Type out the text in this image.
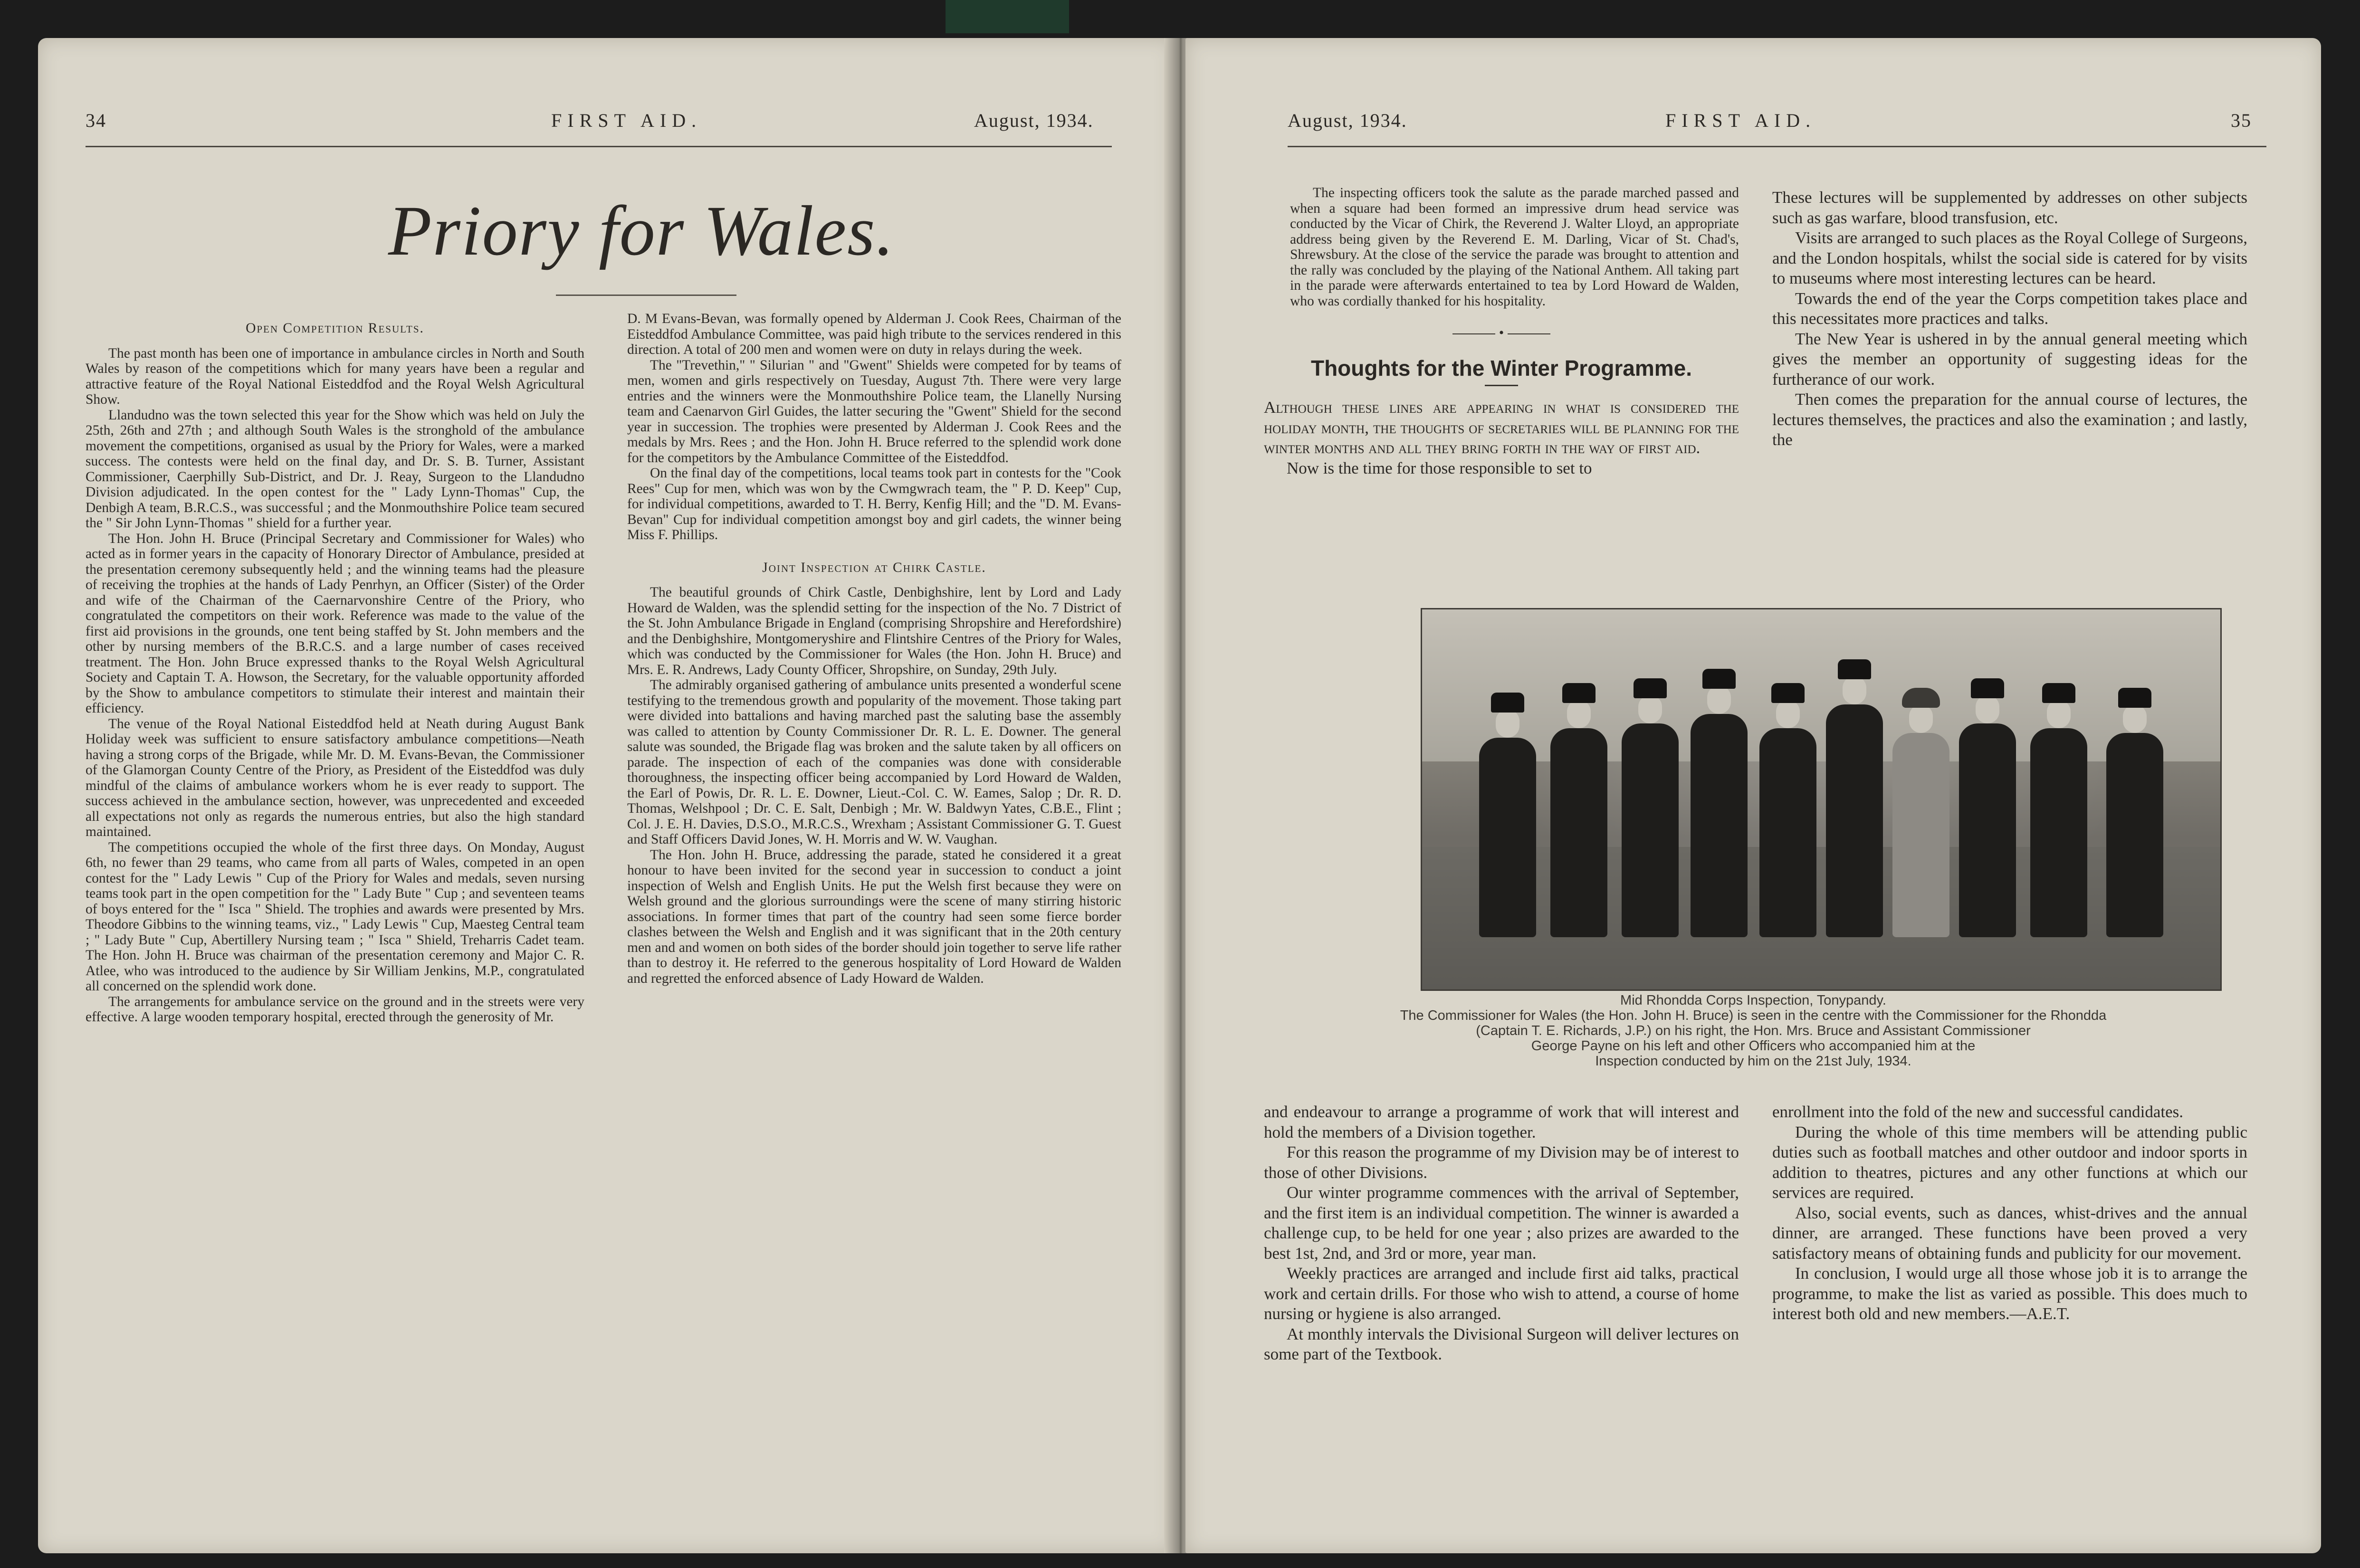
34	FIRST AID.	August, 1934.
Priory for Wales.

Open Competition Results.

The past month has been one of importance in ambulance circles in North and South Wales by reason of the competitions which for many years have been a regular and attractive feature of the Royal National Eisteddfod and the Royal Welsh Agricultural Show.

Llandudno was the town selected this year for the Show which was held on July the 25th, 26th and 27th ; and although South Wales is the stronghold of the ambulance movement the competitions, organised as usual by the Priory for Wales, were a marked success. The contests were held on the final day, and Dr. S. B. Turner, Assistant Commissioner, Caerphilly Sub-District, and Dr. J. Reay, Surgeon to the Llandudno Division adjudicated. In the open contest for the " Lady Lynn-Thomas" Cup, the Denbigh A team, B.R.C.S., was successful ; and the Monmouthshire Police team secured the " Sir John Lynn-Thomas " shield for a further year.

The Hon. John H. Bruce (Principal Secretary and Commissioner for Wales) who acted as in former years in the capacity of Honorary Director of Ambulance, presided at the presentation ceremony subsequently held ; and the winning teams had the pleasure of receiving the trophies at the hands of Lady Penrhyn, an Officer (Sister) of the Order and wife of the Chairman of the Caernarvonshire Centre of the Priory, who congratulated the competitors on their work. Reference was made to the value of the first aid provisions in the grounds, one tent being staffed by St. John members and the other by nursing members of the B.R.C.S. and a large number of cases received treatment. The Hon. John Bruce expressed thanks to the Royal Welsh Agricultural Society and Captain T. A. Howson, the Secretary, for the valuable opportunity afforded by the Show to ambulance competitors to stimulate their interest and maintain their efficiency.

The venue of the Royal National Eisteddfod held at Neath during August Bank Holiday week was sufficient to ensure satisfactory ambulance competitions—Neath having a strong corps of the Brigade, while Mr. D. M. Evans-Bevan, the Commissioner of the Glamorgan County Centre of the Priory, as President of the Eisteddfod was duly mindful of the claims of ambulance workers whom he is ever ready to support. The success achieved in the ambulance section, however, was unprecedented and exceeded all expectations not only as regards the numerous entries, but also the high standard maintained.

The competitions occupied the whole of the first three days. On Monday, August 6th, no fewer than 29 teams, who came from all parts of Wales, competed in an open contest for the " Lady Lewis " Cup of the Priory for Wales and medals, seven nursing teams took part in the open competition for the " Lady Bute " Cup ; and seventeen teams of boys entered for the " Isca " Shield. The trophies and awards were presented by Mrs. Theodore Gibbins to the winning teams, viz., " Lady Lewis " Cup, Maesteg Central team ; " Lady Bute " Cup, Abertillery Nursing team ; " Isca " Shield, Treharris Cadet team. The Hon. John H. Bruce was chairman of the presentation ceremony and Major C. R. Atlee, who was introduced to the audience by Sir William Jenkins, M.P., congratulated all concerned on the splendid work done.

The arrangements for ambulance service on the ground and in the streets were very effective. A large wooden temporary hospital, erected through the generosity of Mr.

D. M Evans-Bevan, was formally opened by Alderman J. Cook Rees, Chairman of the Eisteddfod Ambulance Committee, was paid high tribute to the services rendered in this direction. A total of 200 men and women were on duty in relays during the week.

The "Trevethin," " Silurian " and "Gwent" Shields were competed for by teams of men, women and girls respectively on Tuesday, August 7th. There were very large entries and the winners were the Monmouthshire Police team, the Llanelly Nursing team and Caenarvon Girl Guides, the latter securing the "Gwent" Shield for the second year in succession. The trophies were presented by Alderman J. Cook Rees and the medals by Mrs. Rees ; and the Hon. John H. Bruce referred to the splendid work done for the competitors by the Ambulance Committee of the Eisteddfod.

On the final day of the competitions, local teams took part in contests for the "Cook Rees" Cup for men, which was won by the Cwmgwrach team, the " P. D. Keep" Cup, for individual competitions, awarded to T. H. Berry, Kenfig Hill; and the "D. M. Evans-Bevan" Cup for individual competition amongst boy and girl cadets, the winner being Miss F. Phillips.

Joint Inspection at Chirk Castle.

The beautiful grounds of Chirk Castle, Denbighshire, lent by Lord and Lady Howard de Walden, was the splendid setting for the inspection of the No. 7 District of the St. John Ambulance Brigade in England (comprising Shropshire and Herefordshire) and the Denbighshire, Montgomeryshire and Flintshire Centres of the Priory for Wales, which was conducted by the Commissioner for Wales (the Hon. John H. Bruce) and Mrs. E. R. Andrews, Lady County Officer, Shropshire, on Sunday, 29th July.

The admirably organised gathering of ambulance units presented a wonderful scene testifying to the tremendous growth and popularity of the movement. Those taking part were divided into battalions and having marched past the saluting base the assembly was called to attention by County Commissioner Dr. R. L. E. Downer. The general salute was sounded, the Brigade flag was broken and the salute taken by all officers on parade. The inspection of each of the companies was done with considerable thoroughness, the inspecting officer being accompanied by Lord Howard de Walden, the Earl of Powis, Dr. R. L. E. Downer, Lieut.-Col. C. W. Eames, Salop ; Dr. R. D. Thomas, Welshpool ; Dr. C. E. Salt, Denbigh ; Mr. W. Baldwyn Yates, C.B.E., Flint ; Col. J. E. H. Davies, D.S.O., M.R.C.S., Wrexham ; Assistant Commissioner G. T. Guest and Staff Officers David Jones, W. H. Morris and W. W. Vaughan.

The Hon. John H. Bruce, addressing the parade, stated he considered it a great honour to have been invited for the second year in succession to conduct a joint inspection of Welsh and English Units. He put the Welsh first because they were on Welsh ground and the glorious surroundings were the scene of many stirring historic associations. In former times that part of the country had seen some fierce border clashes between the Welsh and English and it was significant that in the 20th century men and and women on both sides of the border should join together to serve life rather than to destroy it. He referred to the generous hospitality of Lord Howard de Walden and regretted the enforced absence of Lady Howard de Walden.

August, 1934.	FIRST AID.	35

The inspecting officers took the salute as the parade marched passed and when a square had been formed an impressive drum head service was conducted by the Vicar of Chirk, the Reverend J. Walter Lloyd, an appropriate address being given by the Reverend E. M. Darling, Vicar of St. Chad's, Shrewsbury. At the close of the service the parade was brought to attention and the rally was concluded by the playing of the National Anthem. All taking part in the parade were afterwards entertained to tea by Lord Howard de Walden, who was cordially thanked for his hospitality.

•
Thoughts for the Winter Programme.

Although these lines are appearing in what is considered the holiday month, the thoughts of secretaries will be planning for the winter months and all they bring forth in the way of first aid.

Now is the time for those responsible to set to

These lectures will be supplemented by addresses on other subjects such as gas warfare, blood transfusion, etc.

Visits are arranged to such places as the Royal College of Surgeons, and the London hospitals, whilst the social side is catered for by visits to museums where most interesting lectures can be heard.

Towards the end of the year the Corps competition takes place and this necessitates more practices and talks.

The New Year is ushered in by the annual general meeting which gives the member an opportunity of suggesting ideas for the furtherance of our work.

Then comes the preparation for the annual course of lectures, the lectures themselves, the practices and also the examination ; and lastly, the

Mid Rhondda Corps Inspection, Tonypandy.
The Commissioner for Wales (the Hon. John H. Bruce) is seen in the centre with the Commissioner for the Rhondda
(Captain T. E. Richards, J.P.) on his right, the Hon. Mrs. Bruce and Assistant Commissioner
George Payne on his left and other Officers who accompanied him at the
Inspection conducted by him on the 21st July, 1934.

and endeavour to arrange a programme of work that will interest and hold the members of a Division together.

For this reason the programme of my Division may be of interest to those of other Divisions.

Our winter programme commences with the arrival of September, and the first item is an individual competition. The winner is awarded a challenge cup, to be held for one year ; also prizes are awarded to the best 1st, 2nd, and 3rd or more, year man.

Weekly practices are arranged and include first aid talks, practical work and certain drills. For those who wish to attend, a course of home nursing or hygiene is also arranged.

At monthly intervals the Divisional Surgeon will deliver lectures on some part of the Textbook.

enrollment into the fold of the new and successful candidates.

During the whole of this time members will be attending public duties such as football matches and other outdoor and indoor sports in addition to theatres, pictures and any other functions at which our services are required.

Also, social events, such as dances, whist-drives and the annual dinner, are arranged. These functions have been proved a very satisfactory means of obtaining funds and publicity for our movement.

In conclusion, I would urge all those whose job it is to arrange the programme, to make the list as varied as possible. This does much to interest both old and new members.—A.E.T.
